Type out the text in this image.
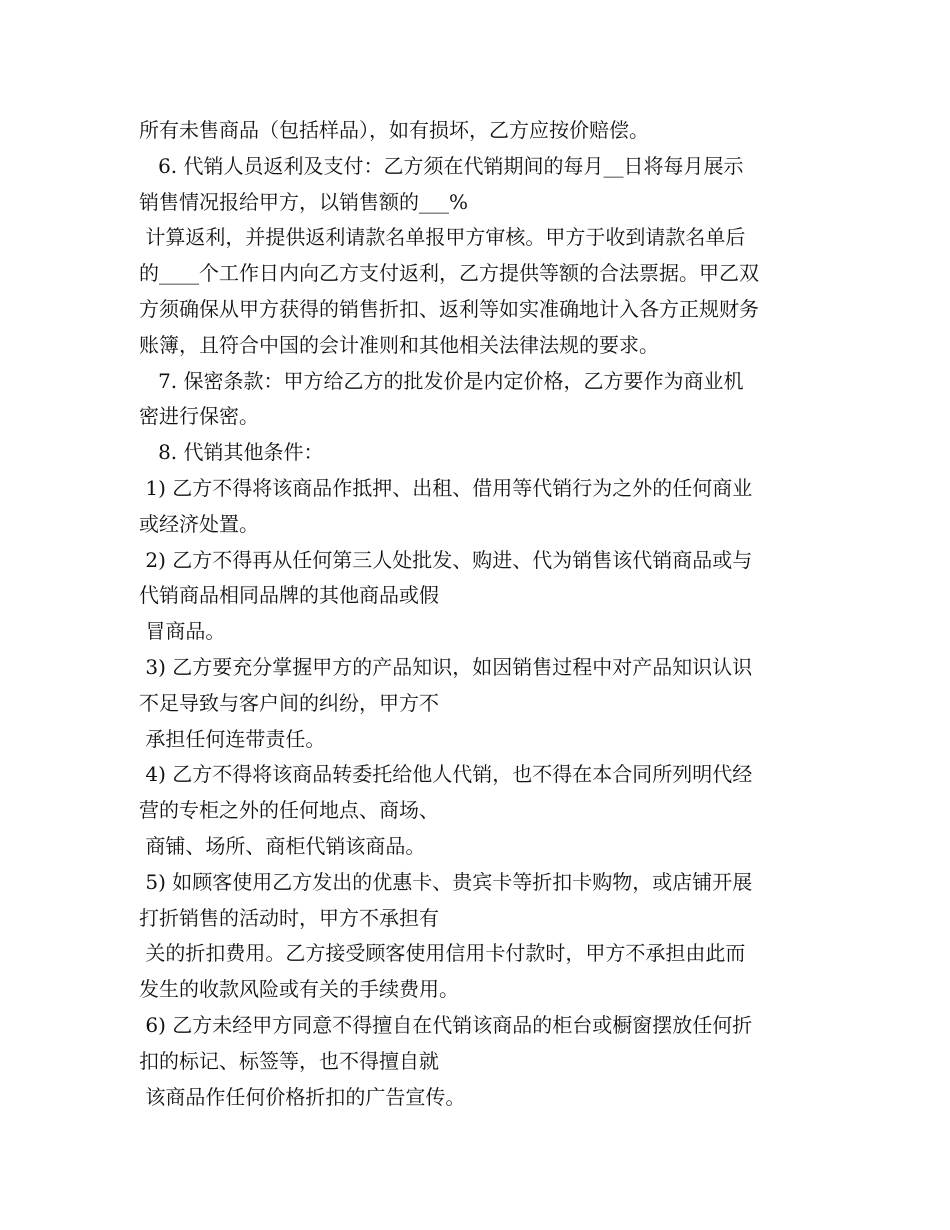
所有未售商品（包括样品），如有损坏，乙方应按价赔偿。
6. 代销人员返利及支付：乙方须在代销期间的每月__日将每月展示
销售情况报给甲方，以销售额的___%
计算返利，并提供返利请款名单报甲方审核。甲方于收到请款名单后
的____个工作日内向乙方支付返利，乙方提供等额的合法票据。甲乙双
方须确保从甲方获得的销售折扣、返利等如实准确地计入各方正规财务
账簿，且符合中国的会计准则和其他相关法律法规的要求。
7. 保密条款：甲方给乙方的批发价是内定价格，乙方要作为商业机
密进行保密。
8. 代销其他条件：
1) 乙方不得将该商品作抵押、出租、借用等代销行为之外的任何商业
或经济处置。
2) 乙方不得再从任何第三人处批发、购进、代为销售该代销商品或与
代销商品相同品牌的其他商品或假
冒商品。
3) 乙方要充分掌握甲方的产品知识，如因销售过程中对产品知识认识
不足导致与客户间的纠纷，甲方不
承担任何连带责任。
4) 乙方不得将该商品转委托给他人代销，也不得在本合同所列明代经
营的专柜之外的任何地点、商场、
商铺、场所、商柜代销该商品。
5) 如顾客使用乙方发出的优惠卡、贵宾卡等折扣卡购物，或店铺开展
打折销售的活动时，甲方不承担有
关的折扣费用。乙方接受顾客使用信用卡付款时，甲方不承担由此而
发生的收款风险或有关的手续费用。
6) 乙方未经甲方同意不得擅自在代销该商品的柜台或橱窗摆放任何折
扣的标记、标签等，也不得擅自就
该商品作任何价格折扣的广告宣传。
